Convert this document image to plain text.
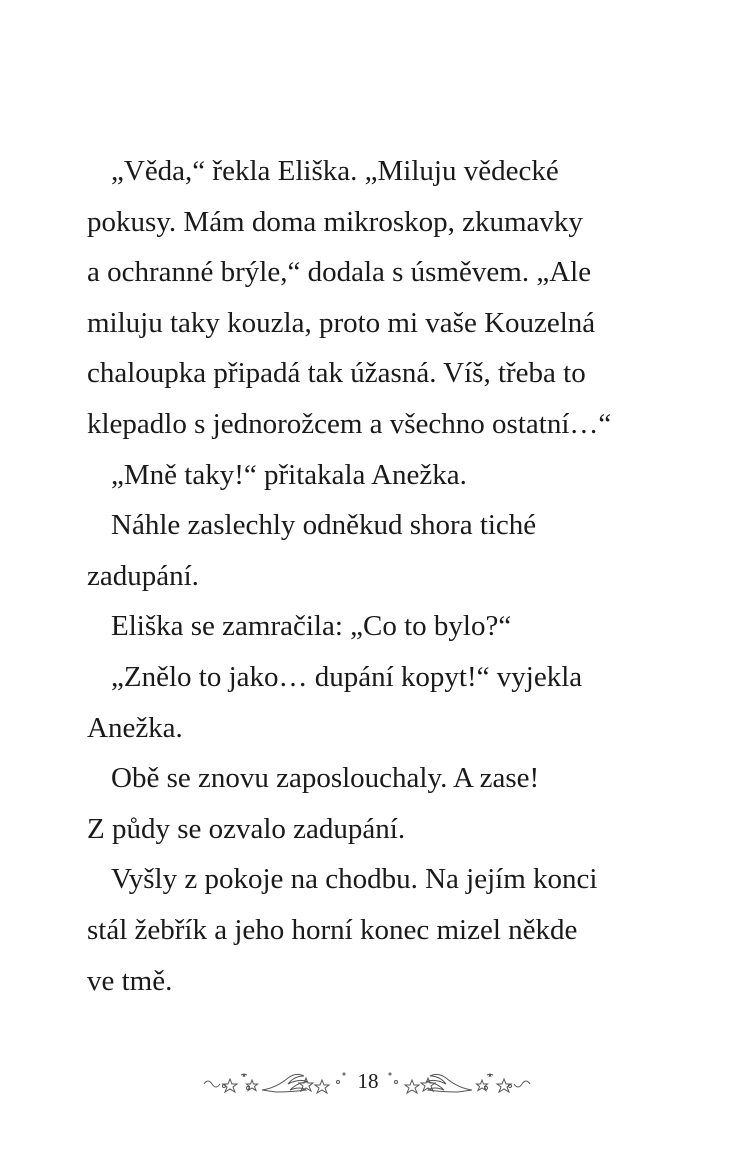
„Věda,“ řekla Eliška. „Miluju vědecké
pokusy. Mám doma mikroskop, zkumavky
a ochranné brýle,“ dodala s úsměvem. „Ale
miluju taky kouzla, proto mi vaše Kouzelná
chaloupka připadá tak úžasná. Víš, třeba to
klepadlo s jednorožcem a všechno ostatní…“
„Mně taky!“ přitakala Anežka.
Náhle zaslechly odněkud shora tiché
zadupání.
Eliška se zamračila: „Co to bylo?“
„Znělo to jako… dupání kopyt!“ vyjekla
Anežka.
Obě se znovu zaposlouchaly. A zase!
Z půdy se ozvalo zadupání.
Vyšly z pokoje na chodbu. Na jejím konci
stál žebřík a jeho horní konec mizel někde
ve tmě.
18
